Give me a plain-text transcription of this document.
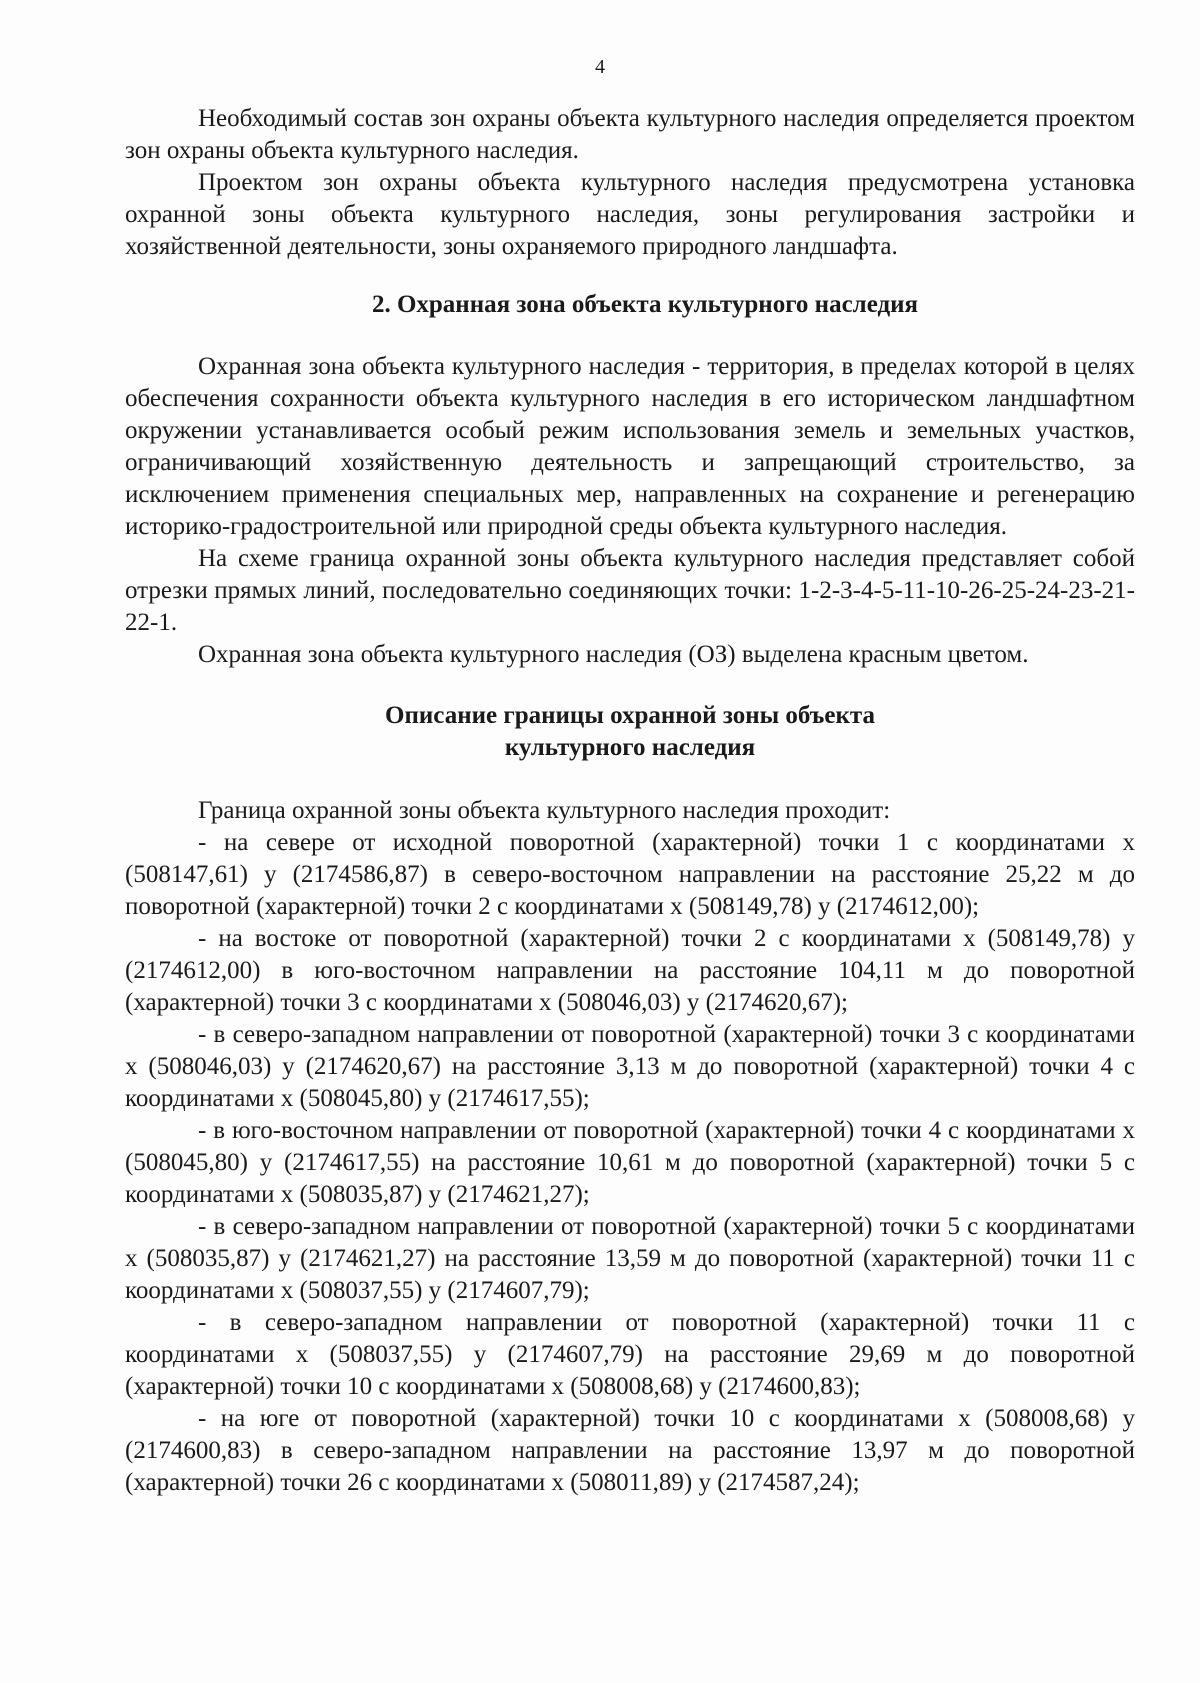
4

Необходимый состав зон охраны объекта культурного наследия определяется проектом зон охраны объекта культурного наследия.

Проектом зон охраны объекта культурного наследия предусмотрена установка охранной зоны объекта культурного наследия, зоны регулирования застройки и хозяйственной деятельности, зоны охраняемого природного ландшафта.

2. Охранная зона объекта культурного наследия

Охранная зона объекта культурного наследия - территория, в пределах которой в целях обеспечения сохранности объекта культурного наследия в его историческом ландшафтном окружении устанавливается особый режим использования земель и земельных участков, ограничивающий хозяйственную деятельность и запрещающий строительство, за исключением применения специальных мер, направленных на сохранение и регенерацию историко-градостроительной или природной среды объекта культурного наследия.

На схеме граница охранной зоны объекта культурного наследия представляет собой отрезки прямых линий, последовательно соединяющих точки: 1-2-3-4-5-11-10-26-25-24-23-21-22-1.

Охранная зона объекта культурного наследия (ОЗ) выделена красным цветом.

Описание границы охранной зоны объекта
культурного наследия

Граница охранной зоны объекта культурного наследия проходит:

- на севере от исходной поворотной (характерной) точки 1 с координатами х (508147,61) у (2174586,87) в северо-восточном направлении на расстояние 25,22 м до поворотной (характерной) точки 2 с координатами х (508149,78) у (2174612,00);

- на востоке от поворотной (характерной) точки 2 с координатами х (508149,78) у (2174612,00) в юго-восточном направлении на расстояние 104,11 м до поворотной (характерной) точки 3 с координатами х (508046,03) у (2174620,67);

- в северо-западном направлении от поворотной (характерной) точки 3 с координатами х (508046,03) у (2174620,67) на расстояние 3,13 м до поворотной (характерной) точки 4 с координатами х (508045,80) у (2174617,55);

- в юго-восточном направлении от поворотной (характерной) точки 4 с координатами х (508045,80) у (2174617,55) на расстояние 10,61 м до поворотной (характерной) точки 5 с координатами х (508035,87) у (2174621,27);

- в северо-западном направлении от поворотной (характерной) точки 5 с координатами х (508035,87) у (2174621,27) на расстояние 13,59 м до поворотной (характерной) точки 11 с координатами х (508037,55) у (2174607,79);

- в северо-западном направлении от поворотной (характерной) точки 11 с координатами х (508037,55) у (2174607,79) на расстояние 29,69 м до поворотной (характерной) точки 10 с координатами х (508008,68) у (2174600,83);

- на юге от поворотной (характерной) точки 10 с координатами х (508008,68) у (2174600,83) в северо-западном направлении на расстояние 13,97 м до поворотной (характерной) точки 26 с координатами х (508011,89) у (2174587,24);
